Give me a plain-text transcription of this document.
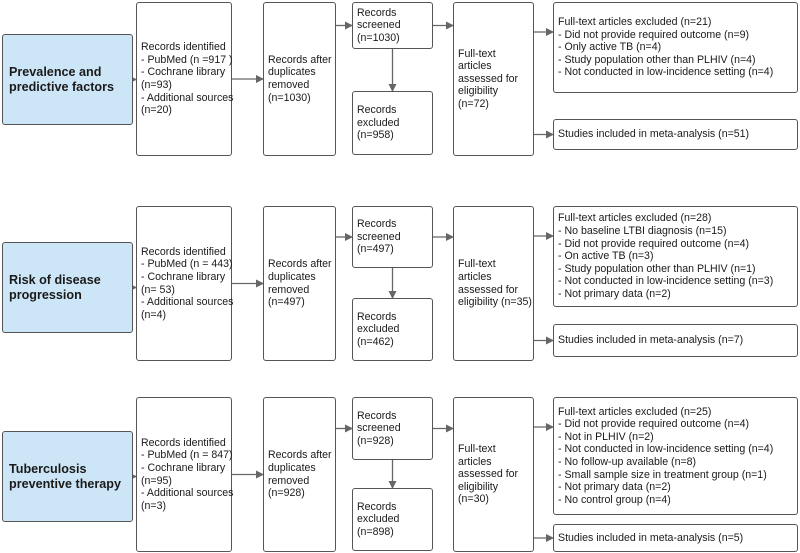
Prevalence and predictive factors
Records identified
- PubMed (n =917 )
- Cochrane library
(n=93)
- Additional sources
(n=20)
Records after
duplicates
removed
(n=1030)
Records
screened
(n=1030)
Records
excluded
(n=958)
Full-text
articles
assessed for
eligibility
(n=72)
Full-text articles excluded (n=21)
- Did not provide required outcome (n=9)
- Only active TB (n=4)
- Study population other than PLHIV (n=4)
- Not conducted in low-incidence setting (n=4)
Studies included in meta-analysis (n=51)
Risk of disease progression
Records identified
- PubMed (n = 443)
- Cochrane library
(n= 53)
- Additional sources
(n=4)
Records after
duplicates
removed
(n=497)
Records
screened
(n=497)
Records
excluded
(n=462)
Full-text
articles
assessed for
eligibility (n=35)
Full-text articles excluded (n=28)
- No baseline LTBI diagnosis (n=15)
- Did not provide required outcome (n=4)
- On active TB (n=3)
- Study population other than PLHIV (n=1)
- Not conducted in low-incidence setting (n=3)
- Not primary data (n=2)
Studies included in meta-analysis (n=7)
Tuberculosis preventive therapy
Records identified
- PubMed (n = 847)
- Cochrane library
(n=95)
- Additional sources
(n=3)
Records after
duplicates
removed
(n=928)
Records
screened
(n=928)
Records
excluded
(n=898)
Full-text
articles
assessed for
eligibility
(n=30)
Full-text articles excluded (n=25)
- Did not provide required outcome (n=4)
- Not in PLHIV (n=2)
- Not conducted in low-incidence setting (n=4)
- No follow-up available (n=8)
- Small sample size in treatment group (n=1)
- Not primary data (n=2)
- No control group (n=4)
Studies included in meta-analysis (n=5)
